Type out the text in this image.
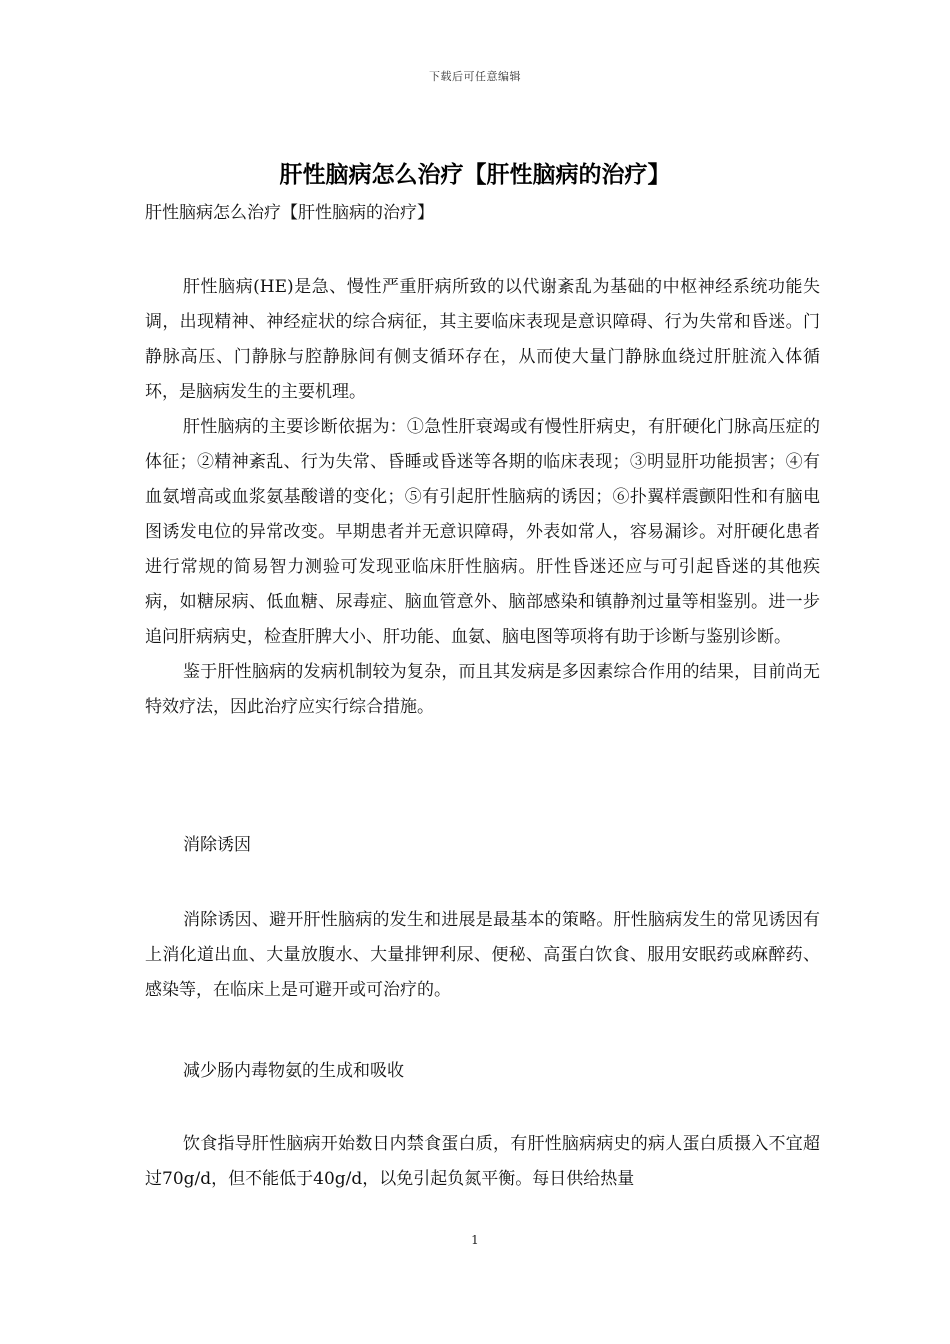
下载后可任意编辑
肝性脑病怎么治疗【肝性脑病的治疗】
肝性脑病怎么治疗【肝性脑病的治疗】

肝性脑病(HE)是急、慢性严重肝病所致的以代谢紊乱为基础的中枢神经系统功能失调，出现精神、神经症状的综合病征，其主要临床表现是意识障碍、行为失常和昏迷。门静脉高压、门静脉与腔静脉间有侧支循环存在，从而使大量门静脉血绕过肝脏流入体循环，是脑病发生的主要机理。

肝性脑病的主要诊断依据为：①急性肝衰竭或有慢性肝病史，有肝硬化门脉高压症的体征；②精神紊乱、行为失常、昏睡或昏迷等各期的临床表现；③明显肝功能损害；④有血氨增高或血浆氨基酸谱的变化；⑤有引起肝性脑病的诱因；⑥扑翼样震颤阳性和有脑电图诱发电位的异常改变。早期患者并无意识障碍，外表如常人，容易漏诊。对肝硬化患者进行常规的简易智力测验可发现亚临床肝性脑病。肝性昏迷还应与可引起昏迷的其他疾病，如糖尿病、低血糖、尿毒症、脑血管意外、脑部感染和镇静剂过量等相鉴别。进一步追问肝病病史，检查肝脾大小、肝功能、血氨、脑电图等项将有助于诊断与鉴别诊断。

鉴于肝性脑病的发病机制较为复杂，而且其发病是多因素综合作用的结果，目前尚无特效疗法，因此治疗应实行综合措施。

消除诱因

消除诱因、避开肝性脑病的发生和进展是最基本的策略。肝性脑病发生的常见诱因有上消化道出血、大量放腹水、大量排钾利尿、便秘、高蛋白饮食、服用安眠药或麻醉药、感染等，在临床上是可避开或可治疗的。

减少肠内毒物氨的生成和吸收

饮食指导肝性脑病开始数日内禁食蛋白质，有肝性脑病病史的病人蛋白质摄入不宜超过70g/d，但不能低于40g/d，以免引起负氮平衡。每日供给热量

1
